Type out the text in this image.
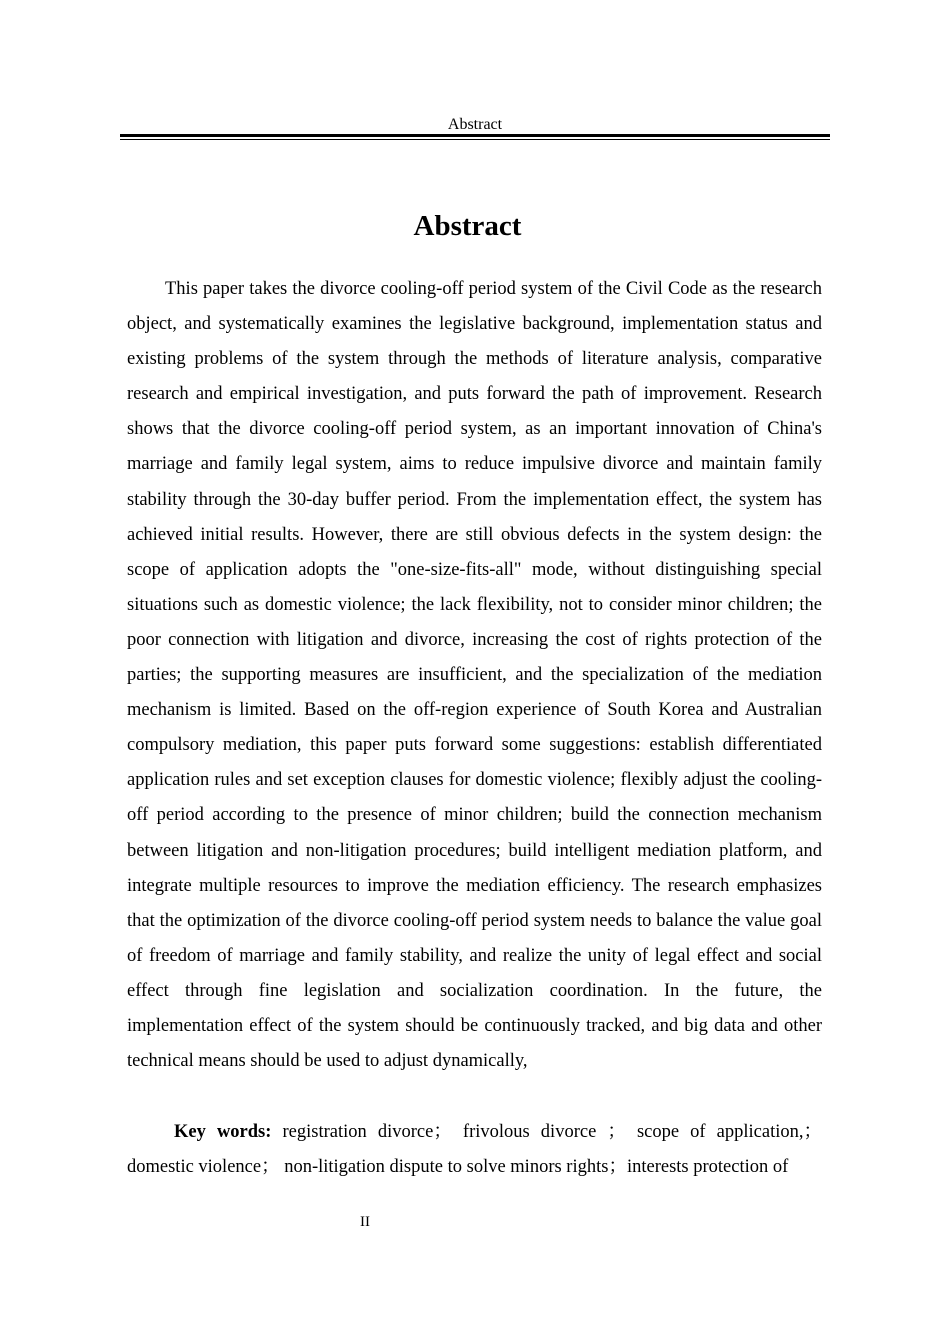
Abstract
Abstract

This paper takes the divorce cooling-off period system of the Civil Code as the research object, and systematically examines the legislative background, implementation status and existing problems of the system through the methods of literature analysis, comparative research and empirical investigation, and puts forward the path of improvement. Research shows that the divorce cooling-off period system, as an important innovation of China's marriage and family legal system, aims to reduce impulsive divorce and maintain family stability through the 30-day buffer period. From the implementation effect, the system has achieved initial results. However, there are still obvious defects in the system design: the scope of application adopts the "one-size-fits-all" mode, without distinguishing special situations such as domestic violence; the lack flexibility, not to consider minor children; the poor connection with litigation and divorce, increasing the cost of rights protection of the parties; the supporting measures are insufficient, and the specialization of the mediation mechanism is limited. Based on the off-region experience of South Korea and Australian compulsory mediation, this paper puts forward some suggestions: establish differentiated application rules and set exception clauses for domestic violence; flexibly adjust the cooling-off period according to the presence of minor children; build the connection mechanism between litigation and non-litigation procedures; build intelligent mediation platform, and integrate multiple resources to improve the mediation efficiency. The research emphasizes that the optimization of the divorce cooling-off period system needs to balance the value goal of freedom of marriage and family stability, and realize the unity of legal effect and social effect through fine legislation and socialization coordination. In the future, the implementation effect of the system should be continuously tracked, and big data and other technical means should be used to adjust dynamically,

Key words: registration divorce； frivolous divorce ； scope of application,； domestic violence； non-litigation dispute to solve minors rights；interests protection of

II
